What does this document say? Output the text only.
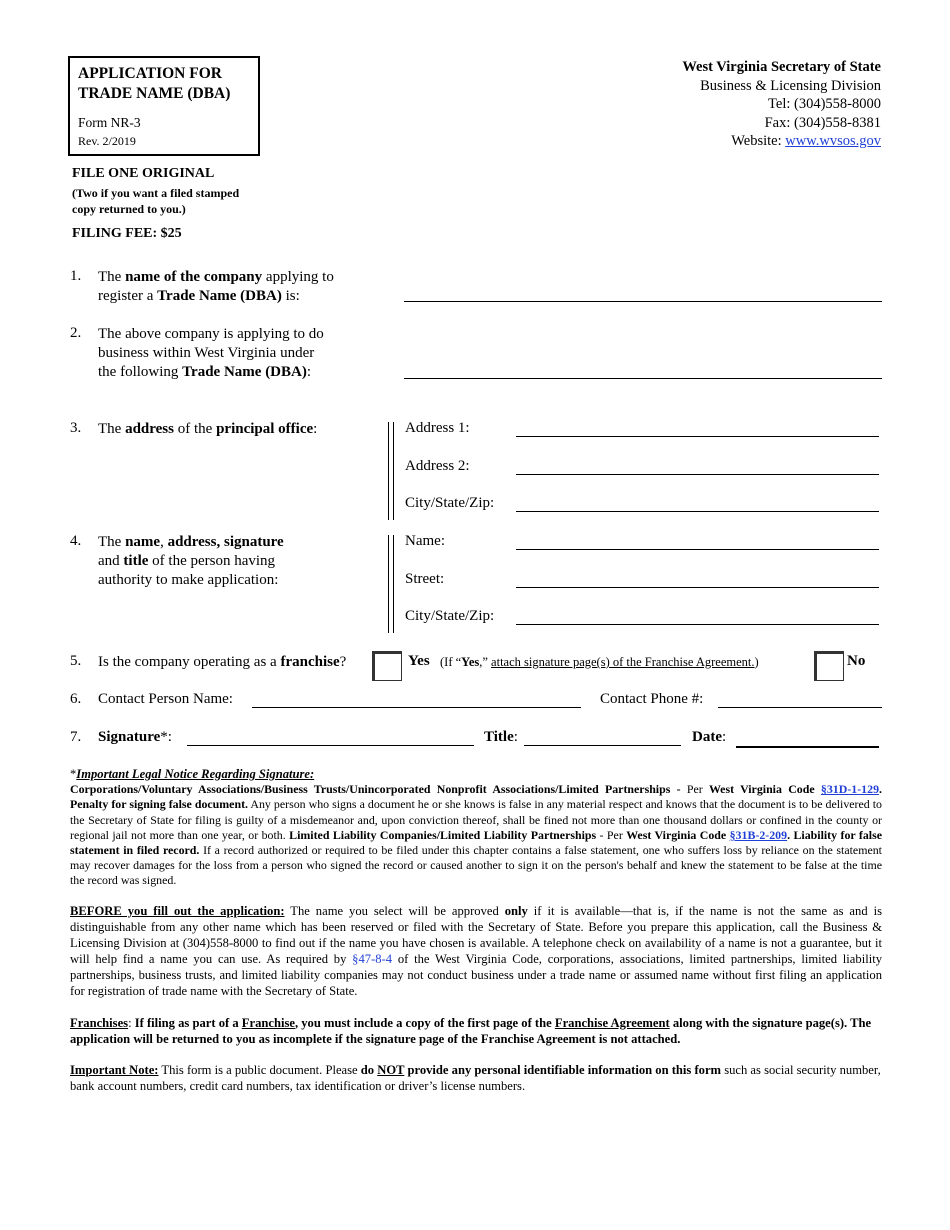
APPLICATION FOR
TRADE NAME (DBA)
Form NR-3
Rev. 2/2019
West Virginia Secretary of State
Business & Licensing Division
Tel: (304)558-8000
Fax: (304)558-8381
Website: www.wvsos.gov
FILE ONE ORIGINAL
(Two if you want a filed stamped
copy returned to you.)
FILING FEE: $25
1. The name of the company applying to
register a Trade Name (DBA) is:
2. The above company is applying to do
business within West Virginia under
the following Trade Name (DBA):
3. The address of the principal office:	Address 1:
Address 2:
City/State/Zip:
4. The name, address, signature
and title of the person having
authority to make application:
Name:
Street:
City/State/Zip:
5. Is the company operating as a franchise?	Yes (If “Yes,” attach signature page(s) of the Franchise Agreement.)	No
6. Contact Person Name:	Contact Phone #:
7. Signature*:	Title:	Date:
*Important Legal Notice Regarding Signature:
Corporations/Voluntary Associations/Business Trusts/Unincorporated Nonprofit Associations/Limited Partnerships - Per West Virginia Code §31D-1-129. Penalty for signing false document. Any person who signs a document he or she knows is false in any material respect and knows that the document is to be delivered to the Secretary of State for filing is guilty of a misdemeanor and, upon conviction thereof, shall be fined not more than one thousand dollars or confined in the county or regional jail not more than one year, or both. Limited Liability Companies/Limited Liability Partnerships - Per West Virginia Code §31B-2-209. Liability for false statement in filed record. If a record authorized or required to be filed under this chapter contains a false statement, one who suffers loss by reliance on the statement may recover damages for the loss from a person who signed the record or caused another to sign it on the person's behalf and knew the statement to be false at the time the record was signed.
BEFORE you fill out the application: The name you select will be approved only if it is available—that is, if the name is not the same as and is distinguishable from any other name which has been reserved or filed with the Secretary of State. Before you prepare this application, call the Business & Licensing Division at (304)558-8000 to find out if the name you have chosen is available. A telephone check on availability of a name is not a guarantee, but it will help find a name you can use. As required by §47-8-4 of the West Virginia Code, corporations, associations, limited partnerships, limited liability partnerships, business trusts, and limited liability companies may not conduct business under a trade name or assumed name without first filing an application for registration of trade name with the Secretary of State.
Franchises: If filing as part of a Franchise, you must include a copy of the first page of the Franchise Agreement along with the signature page(s). The application will be returned to you as incomplete if the signature page of the Franchise Agreement is not attached.
Important Note: This form is a public document. Please do NOT provide any personal identifiable information on this form such as social security number, bank account numbers, credit card numbers, tax identification or driver’s license numbers.
